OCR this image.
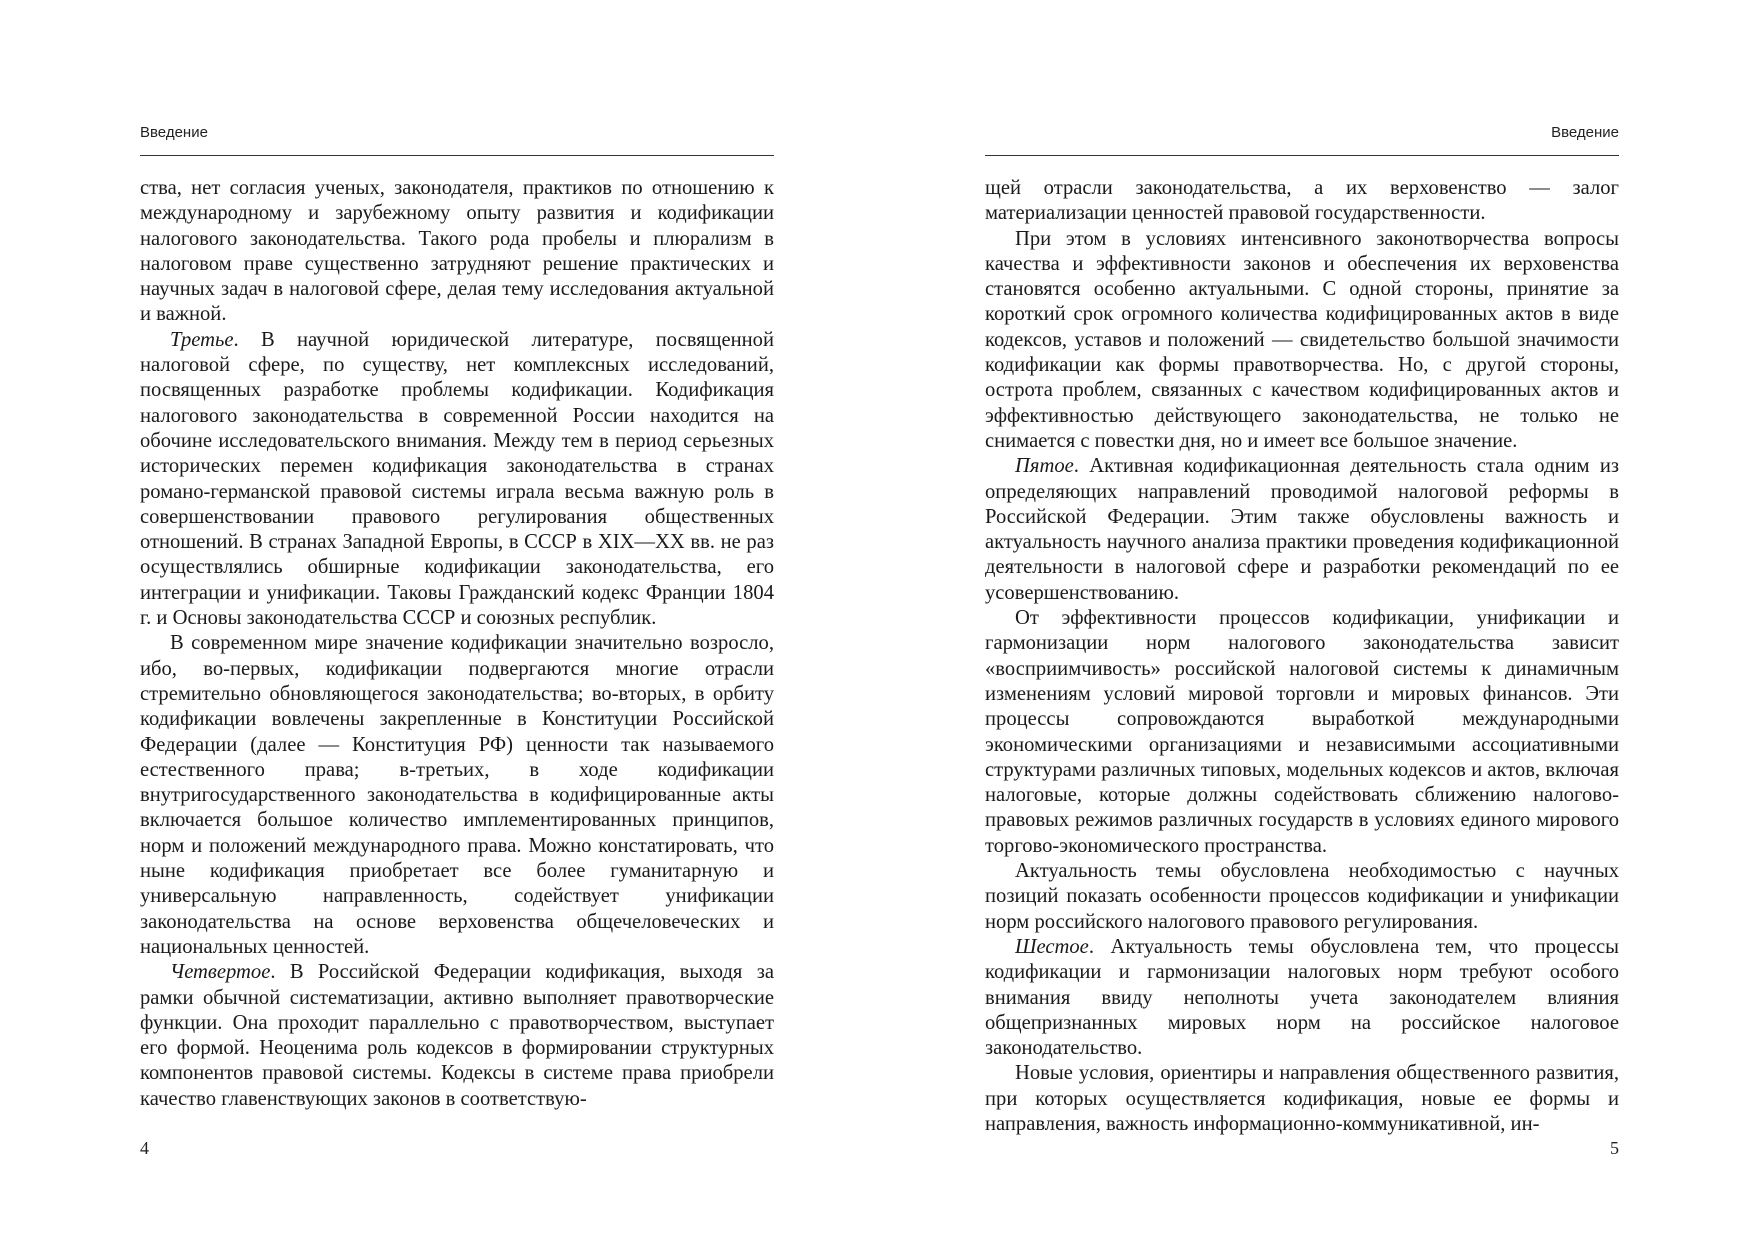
Введение

ства, нет согласия ученых, законодателя, практиков по отношению к международному и зарубежному опыту развития и кодификации налогового законодательства. Такого рода пробелы и плюрализм в налоговом праве существенно затрудняют решение практических и научных задач в налоговой сфере, делая тему исследования актуальной и важной.

Третье. В научной юридической литературе, посвященной налоговой сфере, по существу, нет комплексных исследований, посвященных разработке проблемы кодификации. Кодификация налогового законодательства в современной России находится на обочине исследовательского внимания. Между тем в период серьезных исторических перемен кодификация законодательства в странах романо-германской правовой системы играла весьма важную роль в совершенствовании правового регулирования общественных отношений. В странах Западной Европы, в СССР в XIX—XX вв. не раз осуществлялись обширные кодификации законодательства, его интеграции и унификации. Таковы Гражданский кодекс Франции 1804 г. и Основы законодательства СССР и союзных республик.

В современном мире значение кодификации значительно возросло, ибо, во-первых, кодификации подвергаются многие отрасли стремительно обновляющегося законодательства; во-вторых, в орбиту кодификации вовлечены закрепленные в Конституции Российской Федерации (далее — Конституция РФ) ценности так называемого естественного права; в-третьих, в ходе кодификации внутригосударственного законодательства в кодифицированные акты включается большое количество имплементированных принципов, норм и положений международного права. Можно констатировать, что ныне кодификация приобретает все более гуманитарную и универсальную направленность, содействует унификации законодательства на основе верховенства общечеловеческих и национальных ценностей.

Четвертое. В Российской Федерации кодификация, выходя за рамки обычной систематизации, активно выполняет правотворческие функции. Она проходит параллельно с правотворчеством, выступает его формой. Неоценима роль кодексов в формировании структурных компонентов правовой системы. Кодексы в системе права приобрели качество главенствующих законов в соответствую-

4
Введение

щей отрасли законодательства, а их верховенство — залог материализации ценностей правовой государственности.

При этом в условиях интенсивного законотворчества вопросы качества и эффективности законов и обеспечения их верховенства становятся особенно актуальными. С одной стороны, принятие за короткий срок огромного количества кодифицированных актов в виде кодексов, уставов и положений — свидетельство большой значимости кодификации как формы правотворчества. Но, с другой стороны, острота проблем, связанных с качеством кодифицированных актов и эффективностью действующего законодательства, не только не снимается с повестки дня, но и имеет все большое значение.

Пятое. Активная кодификационная деятельность стала одним из определяющих направлений проводимой налоговой реформы в Российской Федерации. Этим также обусловлены важность и актуальность научного анализа практики проведения кодификационной деятельности в налоговой сфере и разработки рекомендаций по ее усовершенствованию.

От эффективности процессов кодификации, унификации и гармонизации норм налогового законодательства зависит «восприимчивость» российской налоговой системы к динамичным изменениям условий мировой торговли и мировых финансов. Эти процессы сопровождаются выработкой международными экономическими организациями и независимыми ассоциативными структурами различных типовых, модельных кодексов и актов, включая налоговые, которые должны содействовать сближению налогово-правовых режимов различных государств в условиях единого мирового торгово-экономического пространства.

Актуальность темы обусловлена необходимостью с научных позиций показать особенности процессов кодификации и унификации норм российского налогового правового регулирования.

Шестое. Актуальность темы обусловлена тем, что процессы кодификации и гармонизации налоговых норм требуют особого внимания ввиду неполноты учета законодателем влияния общепризнанных мировых норм на российское налоговое законодательство.

Новые условия, ориентиры и направления общественного развития, при которых осуществляется кодификация, новые ее формы и направления, важность информационно-коммуникативной, ин-

5
